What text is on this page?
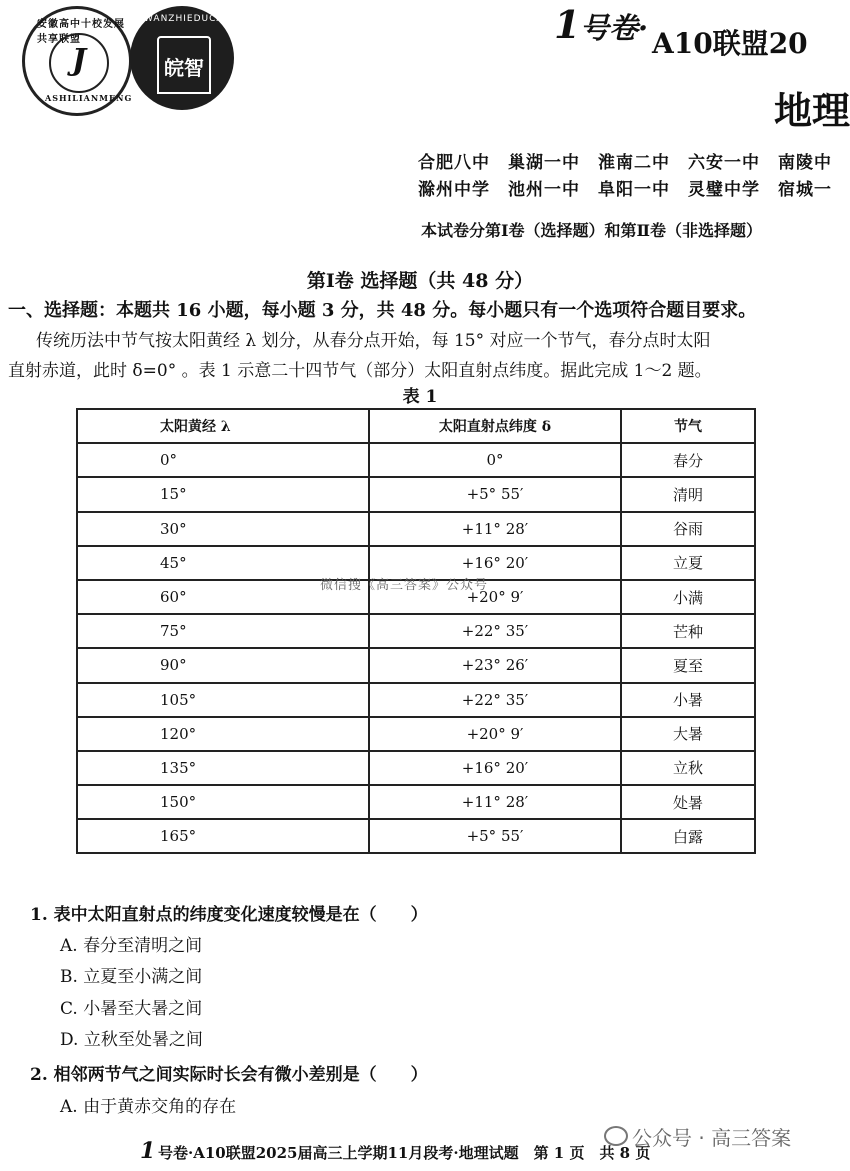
安徽高中十校发展共享联盟
J
ASHILIANMENG
WANZHIEDUCATION
皖智
1 号卷· A10联盟20
地理
合肥八中　巢湖一中　淮南二中　六安一中　南陵中
滁州中学　池州一中　阜阳一中　灵璧中学　宿城一
本试卷分第Ⅰ卷（选择题）和第Ⅱ卷（非选择题）
第Ⅰ卷 选择题（共 48 分）
一、选择题：本题共 16 小题，每小题 3 分，共 48 分。每小题只有一个选项符合题目要求。
传统历法中节气按太阳黄经 λ 划分，从春分点开始，每 15° 对应一个节气，春分点时太阳
直射赤道，此时 δ=0° 。表 1 示意二十四节气（部分）太阳直射点纬度。据此完成 1～2 题。
表 1
太阳黄经 λ	太阳直射点纬度 δ	节气
0°	0°	春分
15°	+5° 55′	清明
30°	+11° 28′	谷雨
45°	+16° 20′	立夏
60°	+20° 9′	小满
75°	+22° 35′	芒种
90°	+23° 26′	夏至
105°	+22° 35′	小暑
120°	+20° 9′	大暑
135°	+16° 20′	立秋
150°	+11° 28′	处暑
165°	+5° 55′	白露
微信搜《高三答案》公众号
1. 表中太阳直射点的纬度变化速度较慢是在（　　）
A. 春分至清明之间
B. 立夏至小满之间
C. 小暑至大暑之间
D. 立秋至处暑之间
2. 相邻两节气之间实际时长会有微小差别是（　　）
A. 由于黄赤交角的存在
1 号卷·A10联盟2025届高三上学期11月段考·地理试题　第 1 页　共 8 页
公众号 · 高三答案
